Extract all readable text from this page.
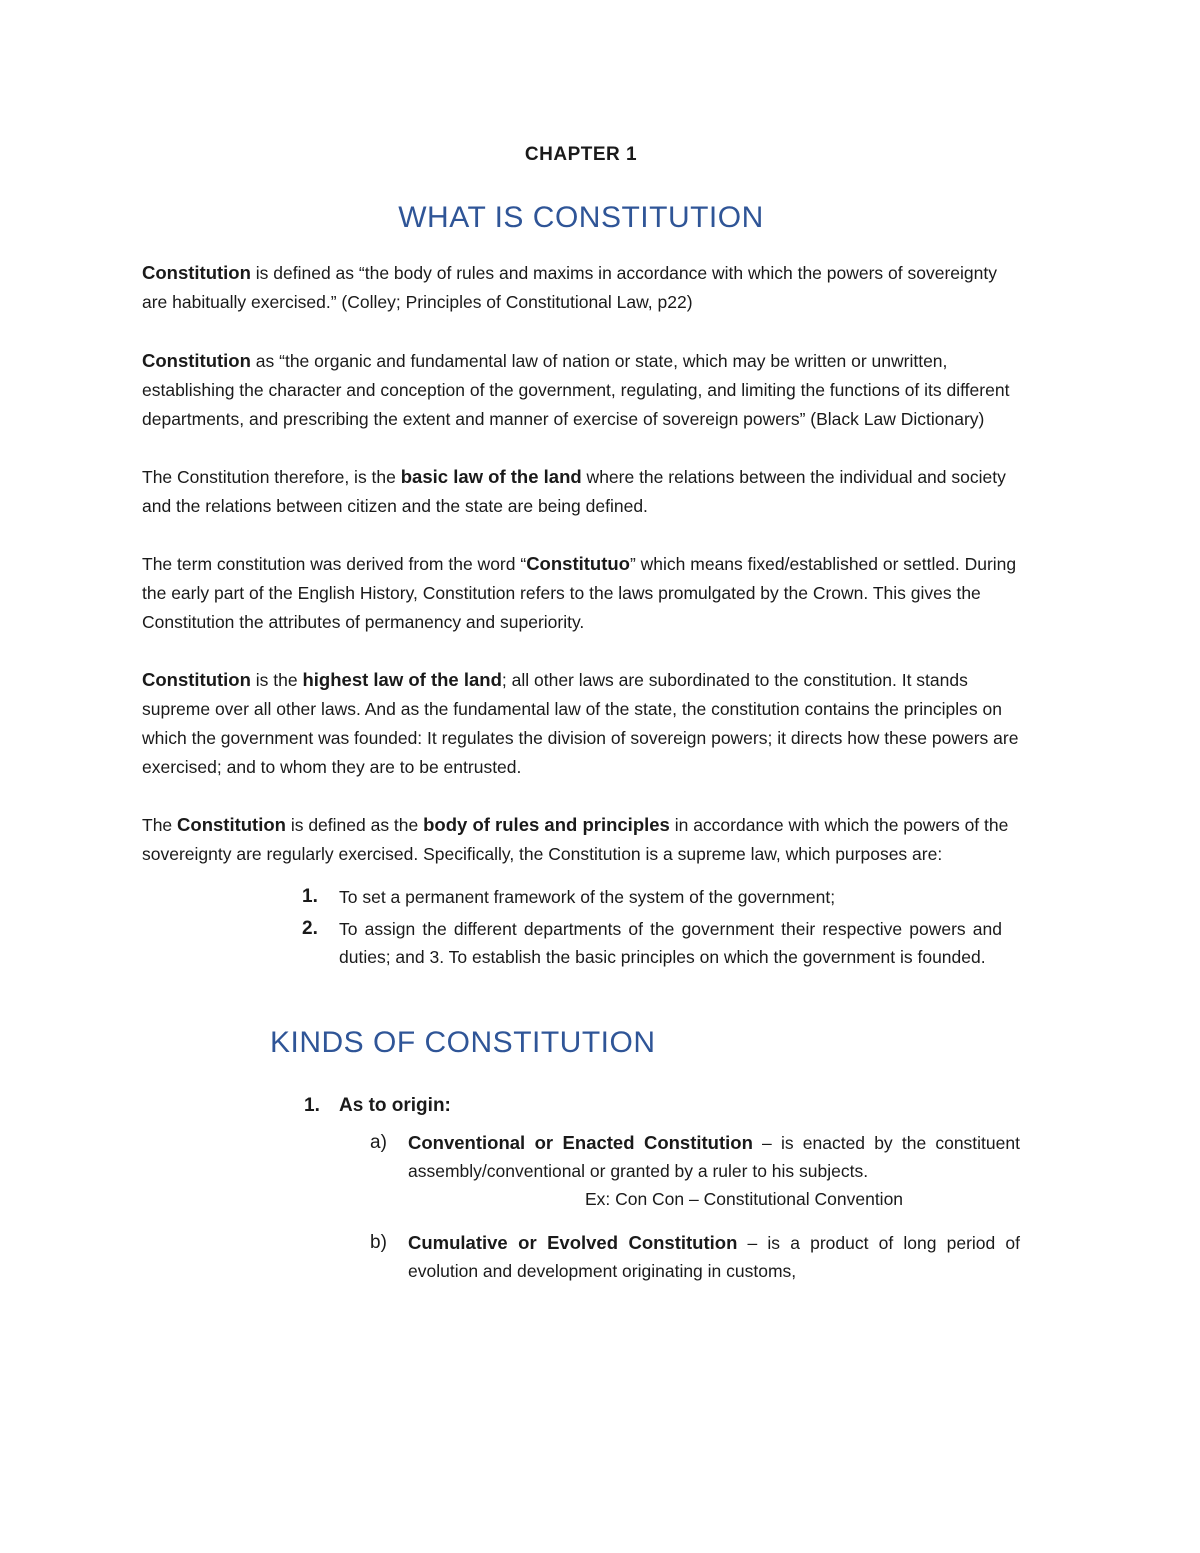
CHAPTER 1
WHAT IS CONSTITUTION

Constitution is defined as “the body of rules and maxims in accordance with which the powers of sovereignty are habitually exercised.” (Colley; Principles of Constitutional Law, p22)

Constitution as “the organic and fundamental law of nation or state, which may be written or unwritten, establishing the character and conception of the government, regulating, and limiting the functions of its different departments, and prescribing the extent and manner of exercise of sovereign powers” (Black Law Dictionary)

The Constitution therefore, is the basic law of the land where the relations between the individual and society and the relations between citizen and the state are being defined.

The term constitution was derived from the word “Constitutuo” which means fixed/established or settled. During the early part of the English History, Constitution refers to the laws promulgated by the Crown. This gives the Constitution the attributes of permanency and superiority.

Constitution is the highest law of the land; all other laws are subordinated to the constitution. It stands supreme over all other laws. And as the fundamental law of the state, the constitution contains the principles on which the government was founded: It regulates the division of sovereign powers; it directs how these powers are exercised; and to whom they are to be entrusted.

The Constitution is defined as the body of rules and principles in accordance with which the powers of the sovereignty are regularly exercised. Specifically, the Constitution is a supreme law, which purposes are:

1. To set a permanent framework of the system of the government;
2. To assign the different departments of the government their respective powers and duties; and 3. To establish the basic principles on which the government is founded.
KINDS OF CONSTITUTION
1. As to origin:
a) Conventional or Enacted Constitution – is enacted by the constituent assembly/conventional or granted by a ruler to his subjects.
Ex: Con Con – Constitutional Convention
b) Cumulative or Evolved Constitution – is a product of long period of evolution and development originating in customs,
